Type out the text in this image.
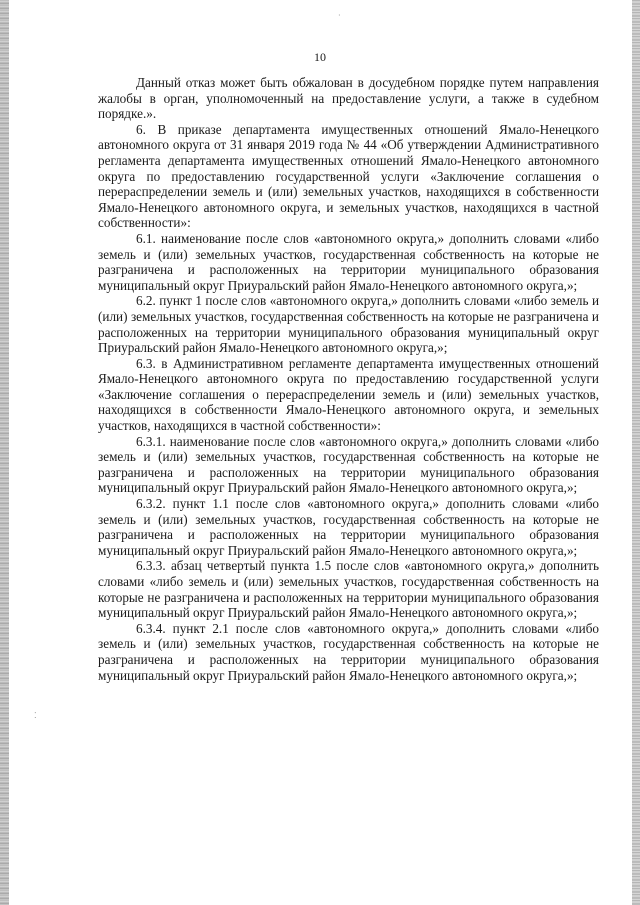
·
⁚
10

Данный отказ может быть обжалован в досудебном порядке путем направления жалобы в орган, уполномоченный на предоставление услуги, а также в судебном порядке.».

6. В приказе департамента имущественных отношений Ямало-Ненецкого автономного округа от 31 января 2019 года № 44 «Об утверждении Административного регламента департамента имущественных отношений Ямало-Ненецкого автономного округа по предоставлению государственной услуги «Заключение соглашения о перераспределении земель и (или) земельных участков, находящихся в собственности Ямало-Ненецкого автономного округа, и земельных участков, находящихся в частной собственности»:

6.1. наименование после слов «автономного округа,» дополнить словами «либо земель и (или) земельных участков, государственная собственность на которые не разграничена и расположенных на территории муниципального образования муниципальный округ Приуральский район Ямало-Ненецкого автономного округа,»;

6.2. пункт 1 после слов «автономного округа,» дополнить словами «либо земель и (или) земельных участков, государственная собственность на которые не разграничена и расположенных на территории муниципального образования муниципальный округ Приуральский район Ямало-Ненецкого автономного округа,»;

6.3. в Административном регламенте департамента имущественных отношений Ямало-Ненецкого автономного округа по предоставлению государственной услуги «Заключение соглашения о перераспределении земель и (или) земельных участков, находящихся в собственности Ямало-Ненецкого автономного округа, и земельных участков, находящихся в частной собственности»:

6.3.1. наименование после слов «автономного округа,» дополнить словами «либо земель и (или) земельных участков, государственная собственность на которые не разграничена и расположенных на территории муниципального образования муниципальный округ Приуральский район Ямало-Ненецкого автономного округа,»;

6.3.2. пункт 1.1 после слов «автономного округа,» дополнить словами «либо земель и (или) земельных участков, государственная собственность на которые не разграничена и расположенных на территории муниципального образования муниципальный округ Приуральский район Ямало-Ненецкого автономного округа,»;

6.3.3. абзац четвертый пункта 1.5 после слов «автономного округа,» дополнить словами «либо земель и (или) земельных участков, государственная собственность на которые не разграничена и расположенных на территории муниципального образования муниципальный округ Приуральский район Ямало-Ненецкого автономного округа,»;

6.3.4. пункт 2.1 после слов «автономного округа,» дополнить словами «либо земель и (или) земельных участков, государственная собственность на которые не разграничена и расположенных на территории муниципального образования муниципальный округ Приуральский район Ямало-Ненецкого автономного округа,»;
